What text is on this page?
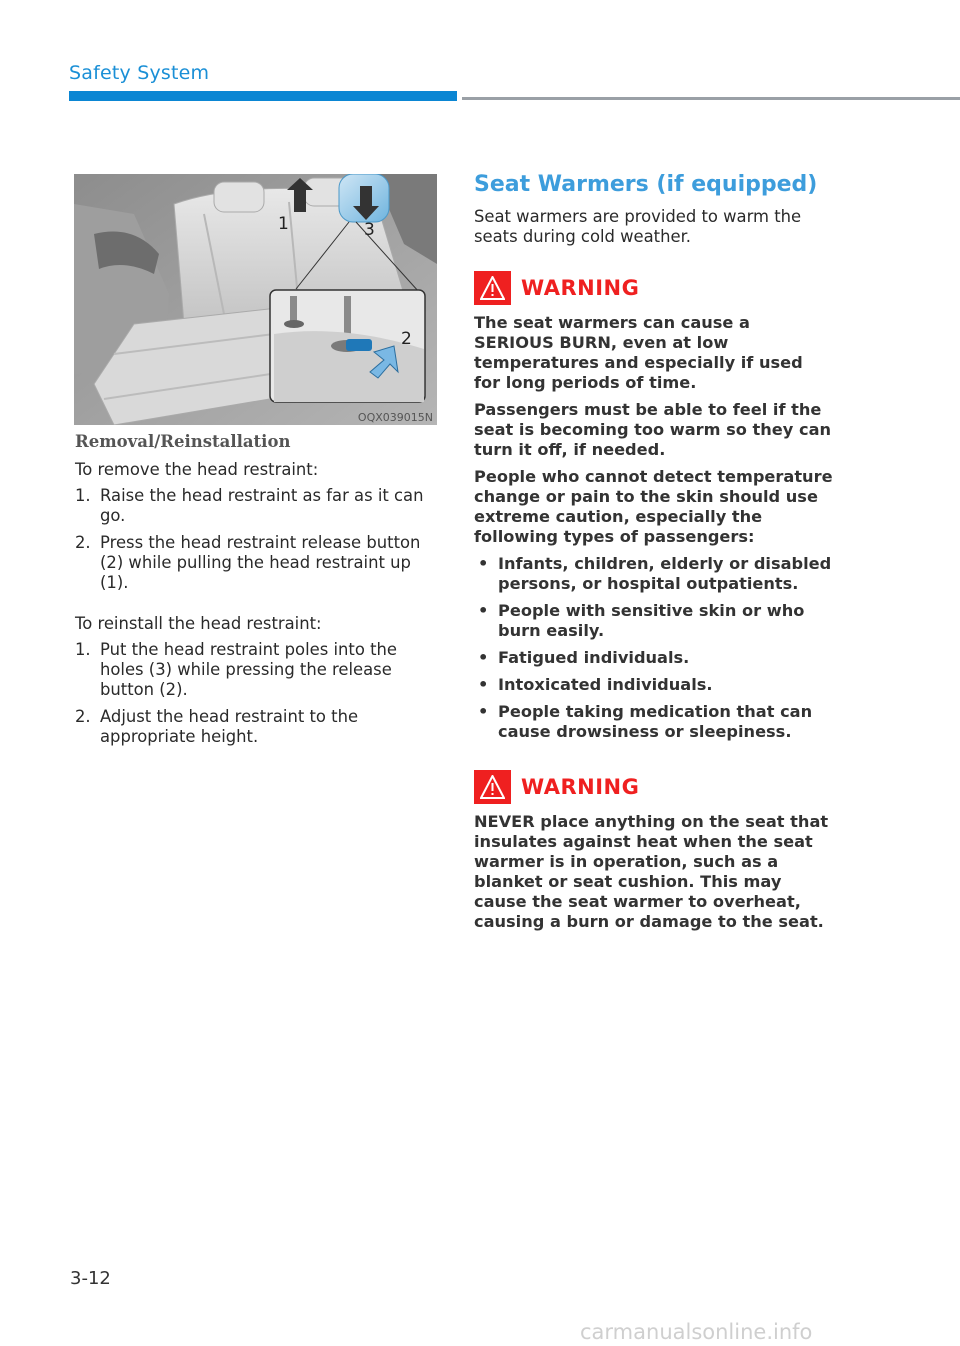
Safety System
1	3
2
OQX039015N
Removal/Reinstallation

To remove the head restraint:

1. Raise the head restraint as far as it can go.
2. Press the head restraint release button (2) while pulling the head restraint up (1).

To reinstall the head restraint:

1. Put the head restraint poles into the holes (3) while pressing the release button (2).
2. Adjust the head restraint to the appropriate height.
Seat Warmers (if equipped)

Seat warmers are provided to warm the seats during cold weather.

WARNING

The seat warmers can cause a SERIOUS BURN, even at low temperatures and especially if used for long periods of time.

Passengers must be able to feel if the seat is becoming too warm so they can turn it off, if needed.

People who cannot detect temperature change or pain to the skin should use extreme caution, especially the following types of passengers:

• Infants, children, elderly or disabled persons, or hospital outpatients.
• People with sensitive skin or who burn easily.
• Fatigued individuals.
• Intoxicated individuals.
• People taking medication that can cause drowsiness or sleepiness.
WARNING

NEVER place anything on the seat that insulates against heat when the seat warmer is in operation, such as a blanket or seat cushion. This may cause the seat warmer to overheat, causing a burn or damage to the seat.

3-12
carmanualsonline.info
